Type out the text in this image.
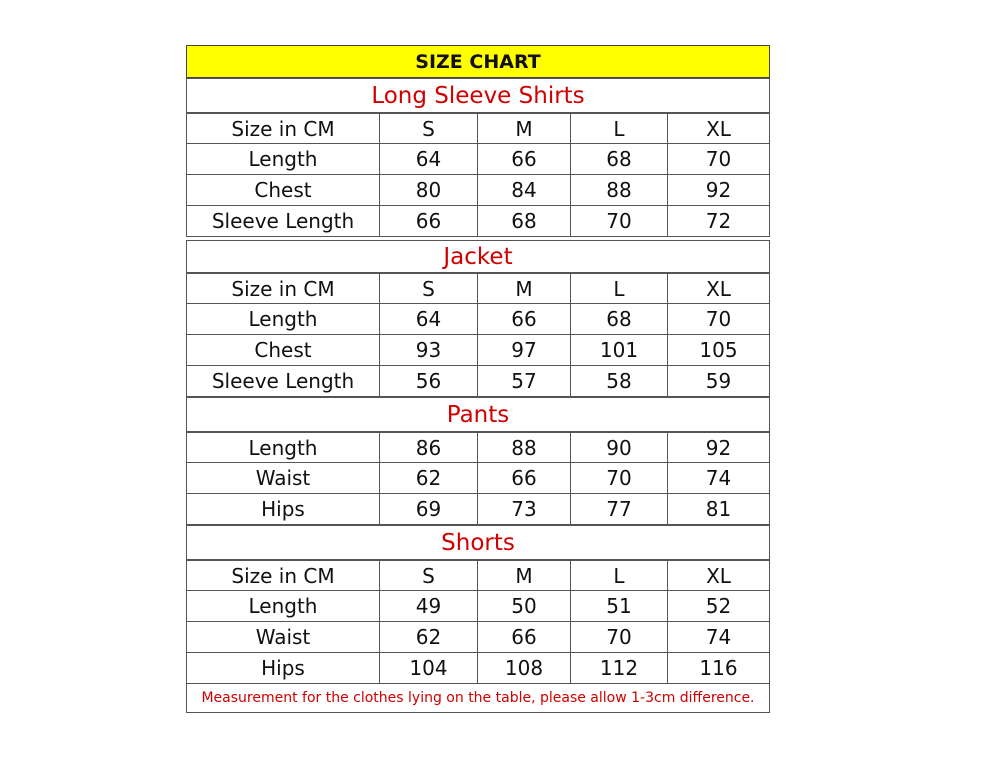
SIZE CHART
Long Sleeve Shirts
Size in CM	S	M	L	XL
Length	64	66	68	70
Chest	80	84	88	92
Sleeve Length	66	68	70	72
Jacket
Size in CM	S	M	L	XL
Length	64	66	68	70
Chest	93	97	101	105
Sleeve Length	56	57	58	59
Pants
Length	86	88	90	92
Waist	62	66	70	74
Hips	69	73	77	81
Shorts
Size in CM	S	M	L	XL
Length	49	50	51	52
Waist	62	66	70	74
Hips	104	108	112	116
Measurement for the clothes lying on the table, please allow 1-3cm difference.
